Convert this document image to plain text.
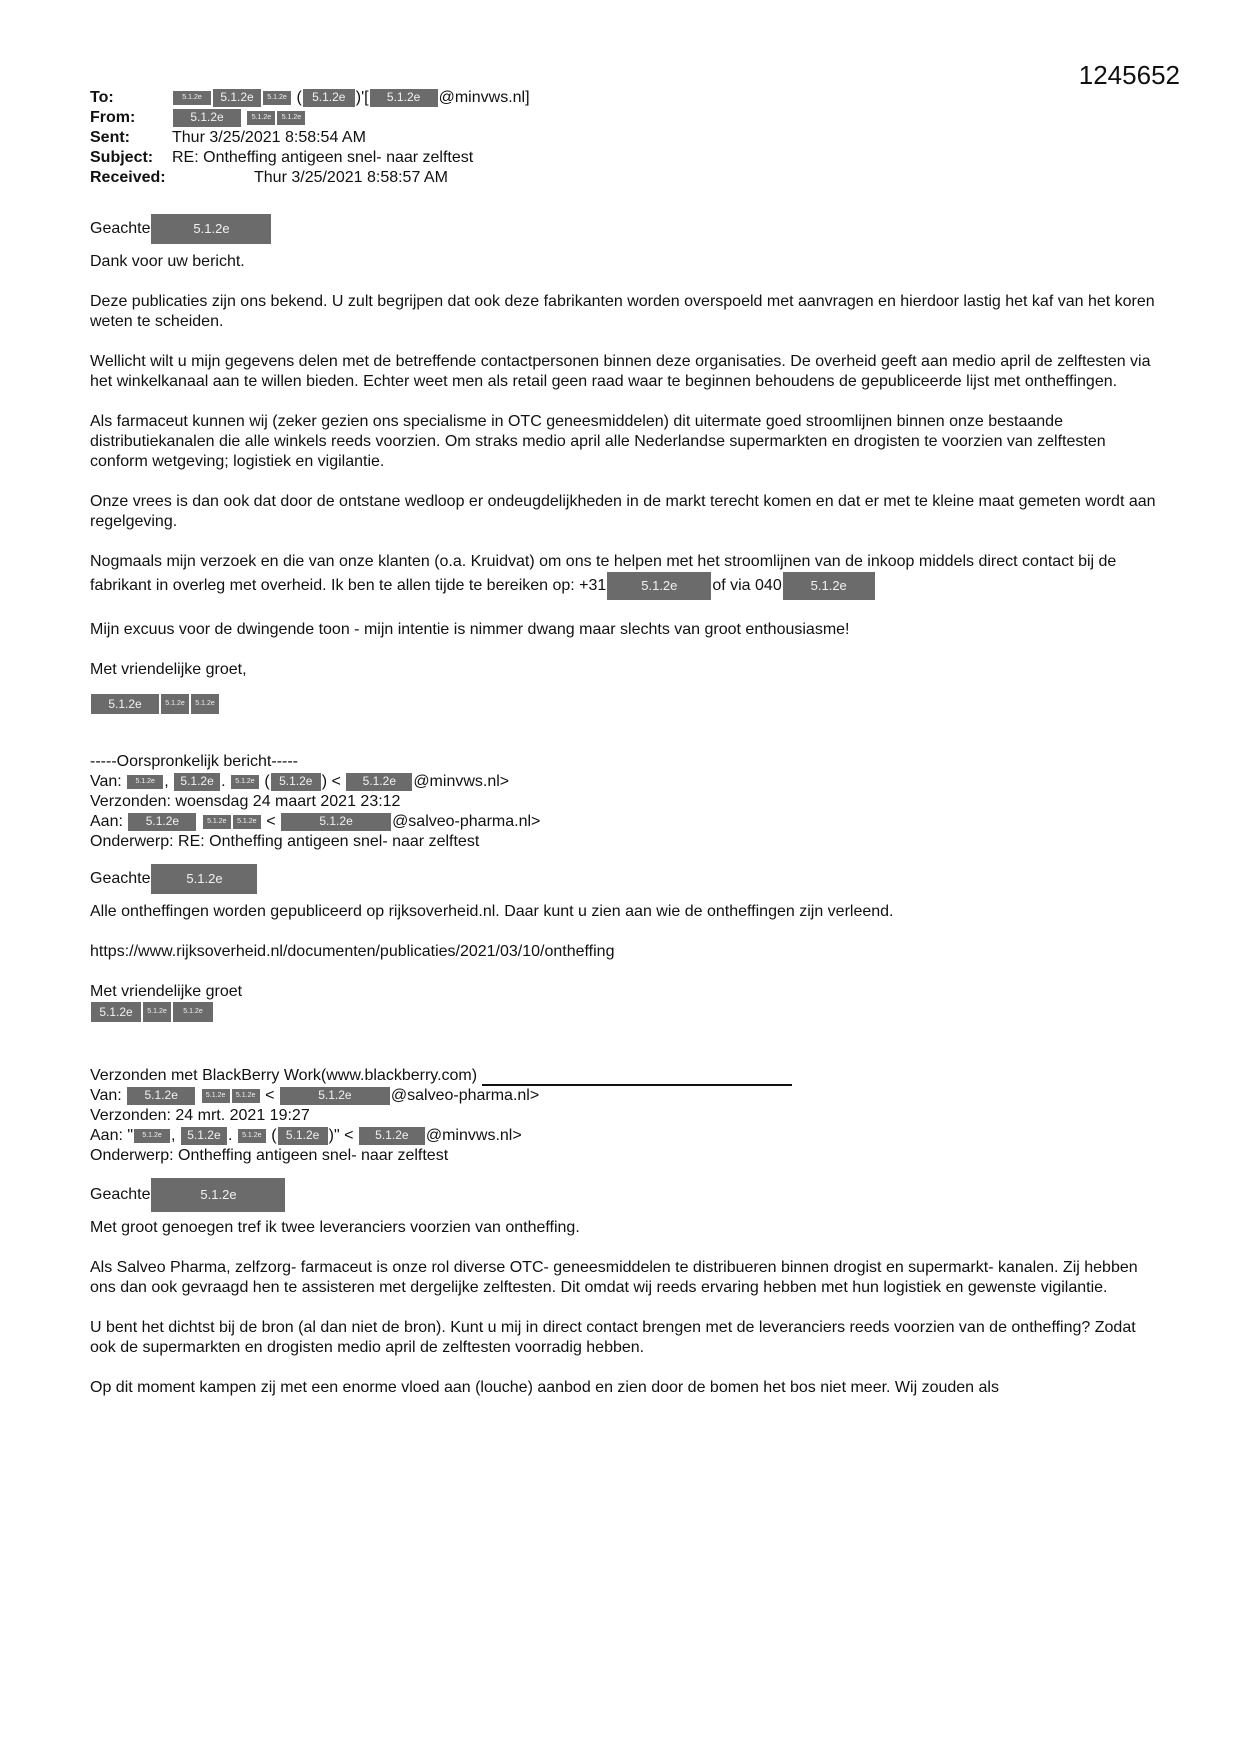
1245652
To:	5.1.2e 5.1.2e 5.1.2e ( 5.1.2e )'[ 5.1.2e @minvws.nl]
From:	5.1.2e	5.1.2e 5.1.2e
Sent:	Thur 3/25/2021 8:58:54 AM
Subject: RE: Ontheffing antigeen snel- naar zelftest
Received:	Thur 3/25/2021 8:58:57 AM

Geachte	5.1.2e

Dank voor uw bericht.

Deze publicaties zijn ons bekend. U zult begrijpen dat ook deze fabrikanten worden overspoeld met aanvragen en hierdoor lastig het kaf van het koren weten te scheiden.

Wellicht wilt u mijn gegevens delen met de betreffende contactpersonen binnen deze organisaties. De overheid geeft aan medio april de zelftesten via het winkelkanaal aan te willen bieden. Echter weet men als retail geen raad waar te beginnen behoudens de gepubliceerde lijst met ontheffingen.

Als farmaceut kunnen wij (zeker gezien ons specialisme in OTC geneesmiddelen) dit uitermate goed stroomlijnen binnen onze bestaande distributiekanalen die alle winkels reeds voorzien. Om straks medio april alle Nederlandse supermarkten en drogisten te voorzien van zelftesten conform wetgeving; logistiek en vigilantie.

Onze vrees is dan ook dat door de ontstane wedloop er ondeugdelijkheden in de markt terecht komen en dat er met te kleine maat gemeten wordt aan regelgeving.

Nogmaals mijn verzoek en die van onze klanten (o.a. Kruidvat) om ons te helpen met het stroomlijnen van de inkoop middels direct contact bij de fabrikant in overleg met overheid. Ik ben te allen tijde te bereiken op: +31	5.1.2e of via 040 5.1.2e

Mijn excuus voor de dwingende toon - mijn intentie is nimmer dwang maar slechts van groot enthousiasme!

Met vriendelijke groet,

5.1.2e	5.1.2e 5.1.2e
-----Oorspronkelijk bericht-----
Van: 5.1.2e , 5.1.2e . 5.1.2e ( 5.1.2e ) < 5.1.2e @minvws.nl>
Verzonden: woensdag 24 maart 2021 23:12
Aan: 5.1.2e	5.1.2e 5.1.2e <	5.1.2e @salveo-pharma.nl>
Onderwerp: RE: Ontheffing antigeen snel- naar zelftest

Geachte	5.1.2e

Alle ontheffingen worden gepubliceerd op rijksoverheid.nl. Daar kunt u zien aan wie de ontheffingen zijn verleend.

https://www.rijksoverheid.nl/documenten/publicaties/2021/03/10/ontheffing

Met vriendelijke groet

5.1.2e 5.1.2e 5.1.2e
Verzonden met BlackBerry Work(www.blackberry.com)
Van: 5.1.2e	5.1.2e 5.1.2e <	5.1.2e @salveo-pharma.nl>
Verzonden: 24 mrt. 2021 19:27
Aan: " 5.1.2e , 5.1.2e . 5.1.2e ( 5.1.2e )" < 5.1.2e @minvws.nl>
Onderwerp: Ontheffing antigeen snel- naar zelftest

Geachte	5.1.2e

Met groot genoegen tref ik twee leveranciers voorzien van ontheffing.

Als Salveo Pharma, zelfzorg- farmaceut is onze rol diverse OTC- geneesmiddelen te distribueren binnen drogist en supermarkt- kanalen. Zij hebben ons dan ook gevraagd hen te assisteren met dergelijke zelftesten. Dit omdat wij reeds ervaring hebben met hun logistiek en gewenste vigilantie.

U bent het dichtst bij de bron (al dan niet de bron). Kunt u mij in direct contact brengen met de leveranciers reeds voorzien van de ontheffing? Zodat ook de supermarkten en drogisten medio april de zelftesten voorradig hebben.

Op dit moment kampen zij met een enorme vloed aan (louche) aanbod en zien door de bomen het bos niet meer. Wij zouden als
